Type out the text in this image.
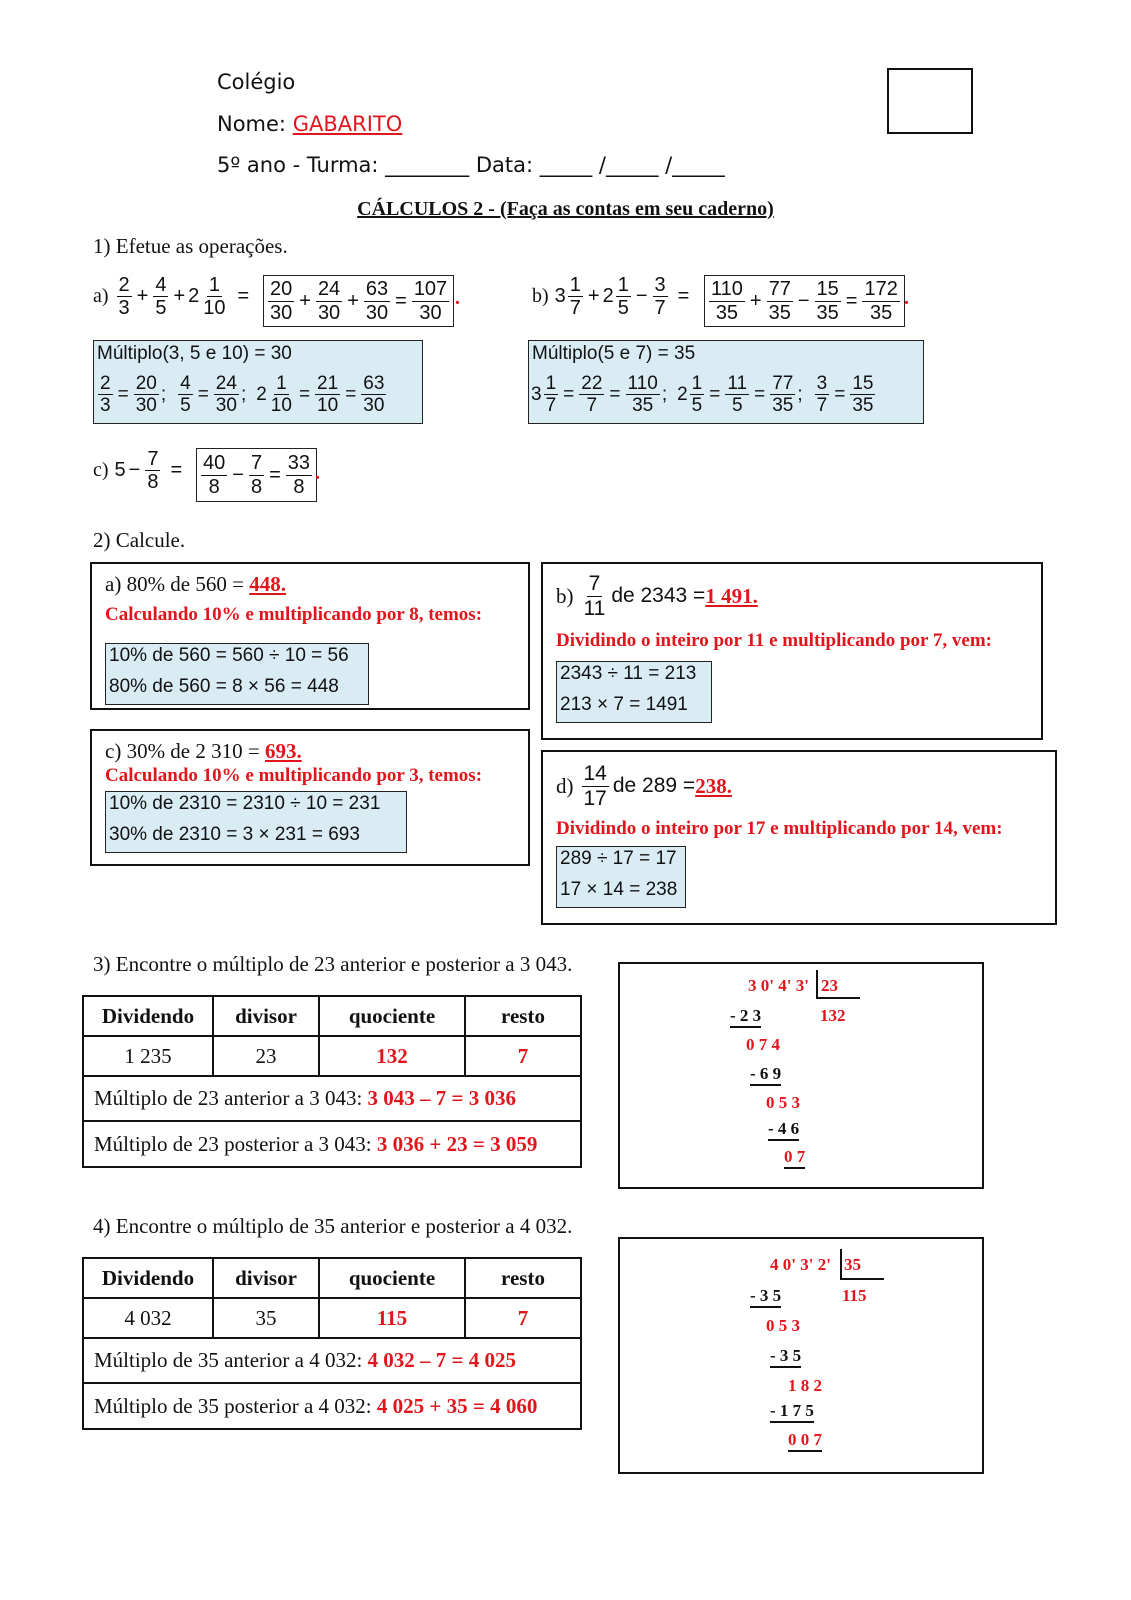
Colégio
Nome: GABARITO
5º ano - Turma: ________ Data: _____ /_____ /_____
CÁLCULOS 2 - (Faça as contas em seu caderno)
1) Efetue as operações.
$a) \frac{2}{3} + \frac{4}{5} + 2 \frac{1}{10} = \frac{20}{30} + \frac{24}{30} + \frac{63}{30} = \frac{107}{30}$ .
Múltiplo(3, 5 e 10) = 30
$\frac{2}{3} = \frac{20}{30}$ ; $\frac{4}{5} = \frac{24}{30}$ ; $2 \frac{1}{10} = \frac{21}{10} = \frac{63}{30}$
b) $3 \frac{1}{7} + 2 \frac{1}{5} - \frac{3}{7} = \frac{110}{35} + \frac{77}{35} - \frac{15}{35} = \frac{172}{35}$ .
Múltiplo(5 e 7) = 35
$3 \frac{1}{7} = \frac{22}{7} = \frac{110}{35}$ ; $2 \frac{1}{5} = \frac{11}{5} = \frac{77}{35}$ ; $\frac{3}{7} = \frac{15}{35}$
c) $5 - \frac{7}{8} = \frac{40}{8} - \frac{7}{8} = \frac{33}{8}$ .
2) Calcule.
a) 80% de 560 = 448.
Calculando 10% e multiplicando por 8, temos:
10% de 560 = 560 ÷ 10 = 56
80% de 560 = 8 × 56 = 448
$b) \frac{7}{11}$ de 2343 = 1 491.
Dividindo o inteiro por 11 e multiplicando por 7, vem:
2343 ÷ 11 = 213
213 × 7 = 1491
c) 30% de 2 310 = 693.
Calculando 10% e multiplicando por 3, temos:
10% de 2310 = 2310 ÷ 10 = 231
30% de 2310 = 3 × 231 = 693
$d) \frac{14}{17}$ de 289 = 238.
Dividindo o inteiro por 17 e multiplicando por 14, vem:
289 ÷ 17 = 17
17 × 14 = 238
3) Encontre o múltiplo de 23 anterior e posterior a 3 043.
Dividendo	divisor	quociente	resto
1 235	23	132	7
Múltiplo de 23 anterior a 3 043: 3 043 – 7 = 3 036			
Múltiplo de 23 posterior a 3 043: 3 036 + 23 = 3 059			
3 0' 4' 3' 23
132
- 2 3
0 7 4
- 6 9
0 5 3
- 4 6
0 7
4) Encontre o múltiplo de 35 anterior e posterior a 4 032.
Dividendo	divisor	quociente	resto
4 032	35	115	7
Múltiplo de 35 anterior a 4 032: 4 032 – 7 = 4 025			
Múltiplo de 35 posterior a 4 032: 4 025 + 35 = 4 060			
4 0' 3' 2' 35
115
- 3 5
0 5 3
- 3 5
1 8 2
- 1 7 5
0 0 7
